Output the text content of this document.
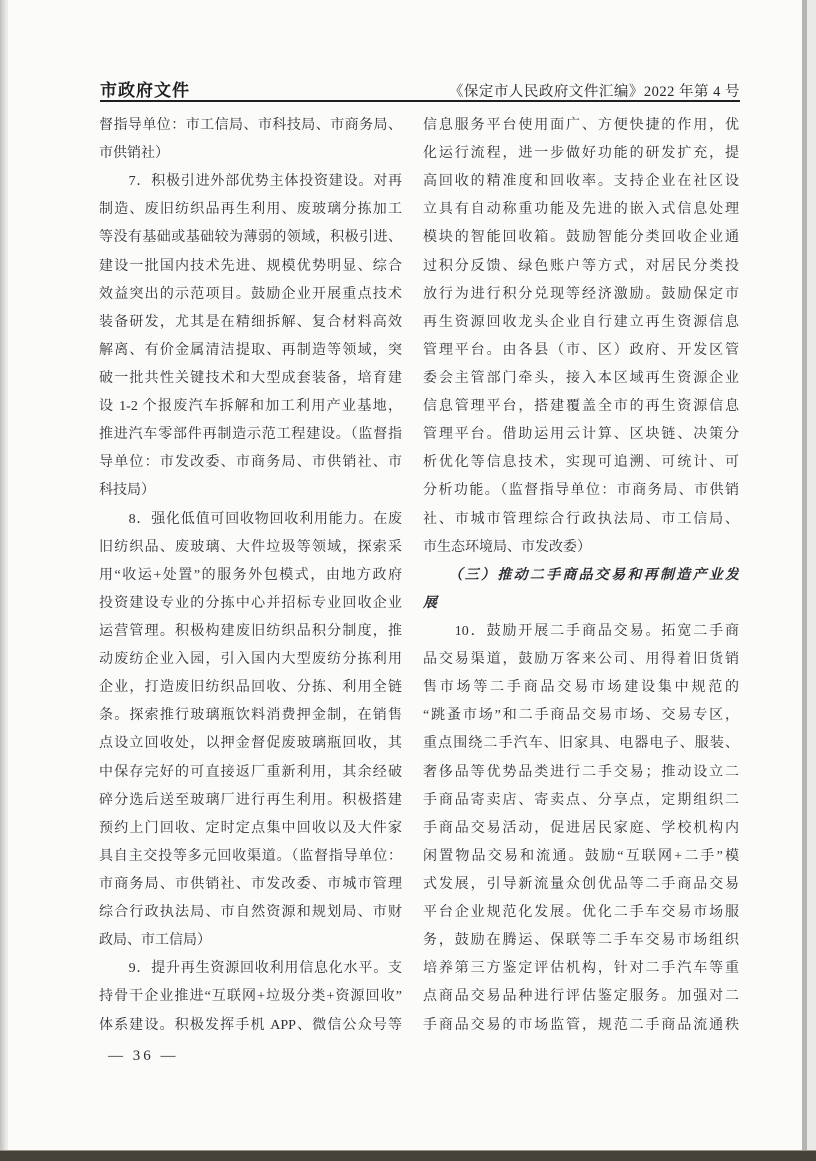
市政府文件	《保定市人民政府文件汇编》2022 年第 4 号
督指导单位：市工信局、市科技局、市商务局、
市供销社）
　　7．积极引进外部优势主体投资建设。对再
制造、废旧纺织品再生利用、废玻璃分拣加工
等没有基础或基础较为薄弱的领域，积极引进、
建设一批国内技术先进、规模优势明显、综合
效益突出的示范项目。鼓励企业开展重点技术
装备研发，尤其是在精细拆解、复合材料高效
解离、有价金属清洁提取、再制造等领域，突
破一批共性关键技术和大型成套装备，培育建
设 1-2 个报废汽车拆解和加工利用产业基地，
推进汽车零部件再制造示范工程建设。（监督指
导单位：市发改委、市商务局、市供销社、市
科技局）
　　8．强化低值可回收物回收利用能力。在废
旧纺织品、废玻璃、大件垃圾等领域，探索采
用“收运+处置”的服务外包模式，由地方政府
投资建设专业的分拣中心并招标专业回收企业
运营管理。积极构建废旧纺织品积分制度，推
动废纺企业入园，引入国内大型废纺分拣利用
企业，打造废旧纺织品回收、分拣、利用全链
条。探索推行玻璃瓶饮料消费押金制，在销售
点设立回收处，以押金督促废玻璃瓶回收，其
中保存完好的可直接返厂重新利用，其余经破
碎分选后送至玻璃厂进行再生利用。积极搭建
预约上门回收、定时定点集中回收以及大件家
具自主交投等多元回收渠道。（监督指导单位：
市商务局、市供销社、市发改委、市城市管理
综合行政执法局、市自然资源和规划局、市财
政局、市工信局）
　　9．提升再生资源回收利用信息化水平。支
持骨干企业推进“互联网+垃圾分类+资源回收”
体系建设。积极发挥手机 APP、微信公众号等
信息服务平台使用面广、方便快捷的作用，优
化运行流程，进一步做好功能的研发扩充，提
高回收的精准度和回收率。支持企业在社区设
立具有自动称重功能及先进的嵌入式信息处理
模块的智能回收箱。鼓励智能分类回收企业通
过积分反馈、绿色账户等方式，对居民分类投
放行为进行积分兑现等经济激励。鼓励保定市
再生资源回收龙头企业自行建立再生资源信息
管理平台。由各县（市、区）政府、开发区管
委会主管部门牵头，接入本区域再生资源企业
信息管理平台，搭建覆盖全市的再生资源信息
管理平台。借助运用云计算、区块链、决策分
析优化等信息技术，实现可追溯、可统计、可
分析功能。（监督指导单位：市商务局、市供销
社、市城市管理综合行政执法局、市工信局、
市生态环境局、市发改委）
　　（三）推动二手商品交易和再制造产业发
展
　　10．鼓励开展二手商品交易。拓宽二手商
品交易渠道，鼓励万客来公司、用得着旧货销
售市场等二手商品交易市场建设集中规范的
“跳蚤市场”和二手商品交易市场、交易专区，
重点围绕二手汽车、旧家具、电器电子、服装、
奢侈品等优势品类进行二手交易；推动设立二
手商品寄卖店、寄卖点、分享点，定期组织二
手商品交易活动，促进居民家庭、学校机构内
闲置物品交易和流通。鼓励“互联网+二手”模
式发展，引导新流量众创优品等二手商品交易
平台企业规范化发展。优化二手车交易市场服
务，鼓励在腾运、保联等二手车交易市场组织
培养第三方鉴定评估机构，针对二手汽车等重
点商品交易品种进行评估鉴定服务。加强对二
手商品交易的市场监管，规范二手商品流通秩
— 36 —
